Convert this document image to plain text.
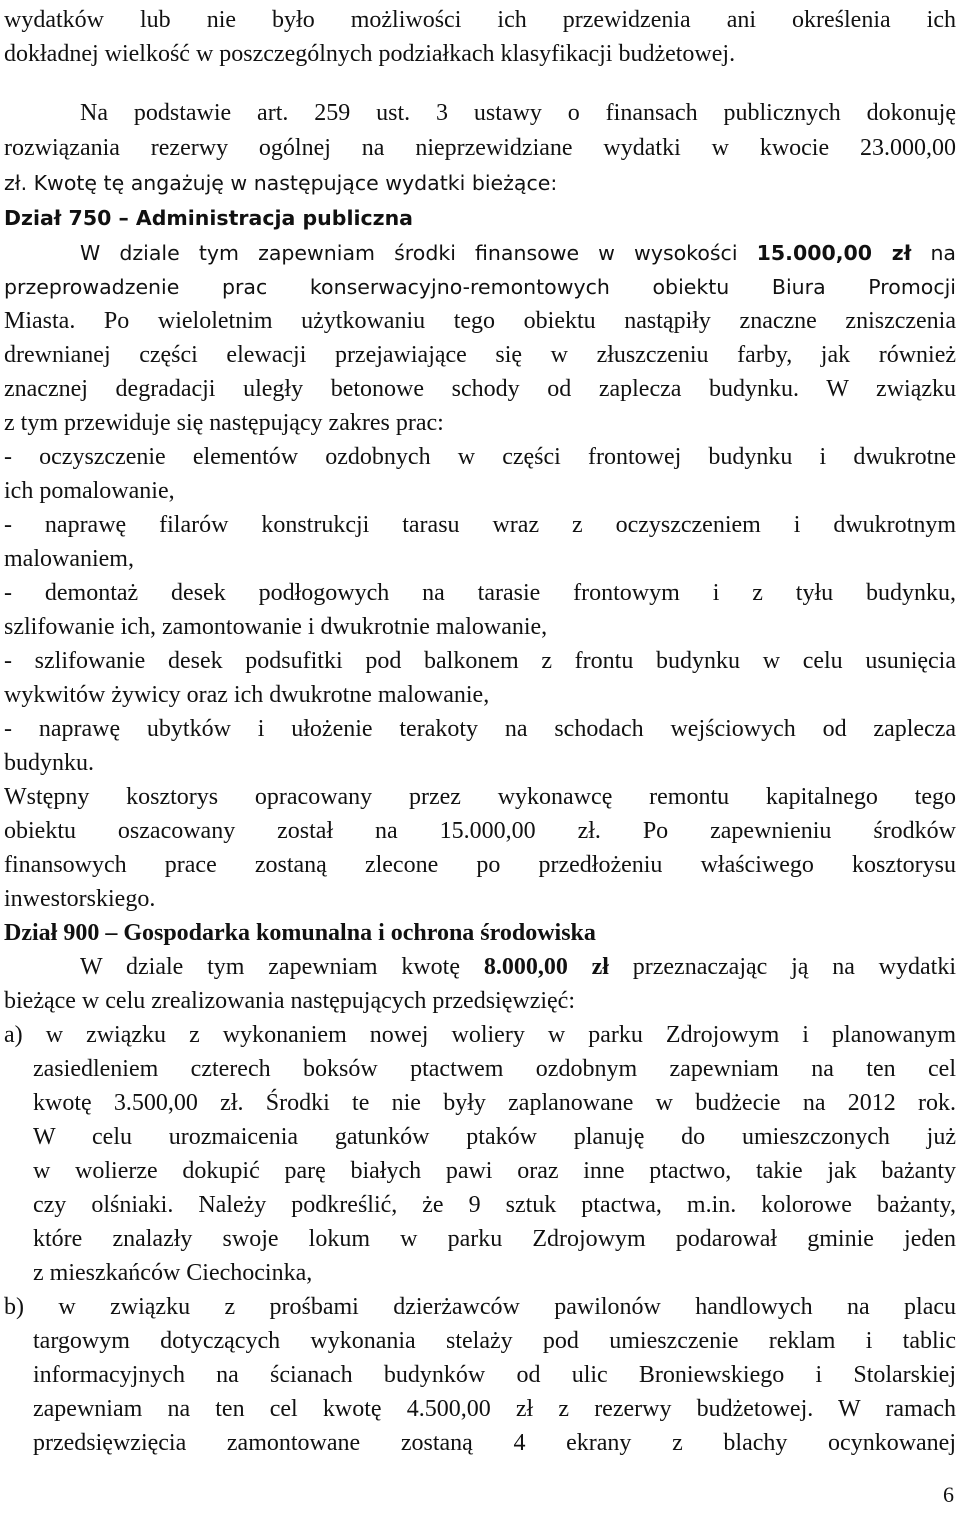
wydatków lub nie było możliwości ich przewidzenia ani określenia ich
dokładnej wielkość w poszczególnych podziałkach klasyfikacji budżetowej.
Na podstawie art. 259 ust. 3 ustawy o finansach publicznych dokonuję
rozwiązania rezerwy ogólnej na nieprzewidziane wydatki w kwocie 23.000,00
zł. Kwotę tę angażuję w następujące wydatki bieżące:
Dział 750 – Administracja publiczna
W dziale tym zapewniam środki finansowe w wysokości 15.000,00 zł na
przeprowadzenie prac konserwacyjno-remontowych obiektu Biura Promocji
Miasta. Po wieloletnim użytkowaniu tego obiektu nastąpiły znaczne zniszczenia
drewnianej części elewacji przejawiające się w złuszczeniu farby, jak również
znacznej degradacji uległy betonowe schody od zaplecza budynku. W związku
z tym przewiduje się następujący zakres prac:
- oczyszczenie elementów ozdobnych w części frontowej budynku i dwukrotne
ich pomalowanie,
- naprawę filarów konstrukcji tarasu wraz z oczyszczeniem i dwukrotnym
malowaniem,
- demontaż desek podłogowych na tarasie frontowym i z tyłu budynku,
szlifowanie ich, zamontowanie i dwukrotnie malowanie,
- szlifowanie desek podsufitki pod balkonem z frontu budynku w celu usunięcia
wykwitów żywicy oraz ich dwukrotne malowanie,
- naprawę ubytków i ułożenie terakoty na schodach wejściowych od zaplecza
budynku.
Wstępny kosztorys opracowany przez wykonawcę remontu kapitalnego tego
obiektu oszacowany został na 15.000,00 zł. Po zapewnieniu środków
finansowych prace zostaną zlecone po przedłożeniu właściwego kosztorysu
inwestorskiego.
Dział 900 – Gospodarka komunalna i ochrona środowiska
W dziale tym zapewniam kwotę 8.000,00 zł przeznaczając ją na wydatki
bieżące w celu zrealizowania następujących przedsięwzięć:
a) w związku z wykonaniem nowej woliery w parku Zdrojowym i planowanym
zasiedleniem czterech boksów ptactwem ozdobnym zapewniam na ten cel
kwotę 3.500,00 zł. Środki te nie były zaplanowane w budżecie na 2012 rok.
W celu urozmaicenia gatunków ptaków planuję do umieszczonych już
w wolierze dokupić parę białych pawi oraz inne ptactwo, takie jak bażanty
czy olśniaki. Należy podkreślić, że 9 sztuk ptactwa, m.in. kolorowe bażanty,
które znalazły swoje lokum w parku Zdrojowym podarował gminie jeden
z mieszkańców Ciechocinka,
b) w związku z prośbami dzierżawców pawilonów handlowych na placu
targowym dotyczących wykonania stelaży pod umieszczenie reklam i tablic
informacyjnych na ścianach budynków od ulic Broniewskiego i Stolarskiej
zapewniam na ten cel kwotę 4.500,00 zł z rezerwy budżetowej. W ramach
przedsięwzięcia zamontowane zostaną 4 ekrany z blachy ocynkowanej
6
